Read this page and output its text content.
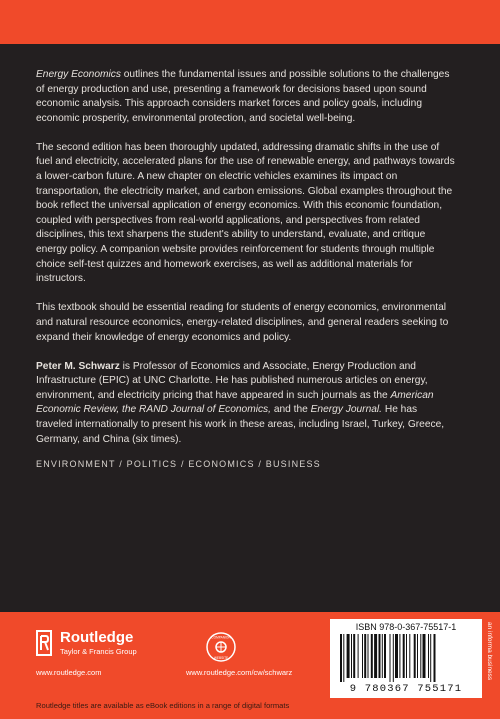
Energy Economics outlines the fundamental issues and possible solutions to the challenges of energy production and use, presenting a framework for decisions based upon sound economic analysis. This approach considers market forces and policy goals, including economic prosperity, environmental protection, and societal well-being.

The second edition has been thoroughly updated, addressing dramatic shifts in the use of fuel and electricity, accelerated plans for the use of renewable energy, and pathways towards a lower-carbon future. A new chapter on electric vehicles examines its impact on transportation, the electricity market, and carbon emissions. Global examples throughout the book reflect the universal application of energy economics. With this economic foundation, coupled with perspectives from real-world applications, and perspectives from related disciplines, this text sharpens the student's ability to understand, evaluate, and critique energy policy. A companion website provides reinforcement for students through multiple choice self-test quizzes and homework exercises, as well as additional materials for instructors.

This textbook should be essential reading for students of energy economics, environmental and natural resource economics, energy-related disciplines, and general readers seeking to expand their knowledge of energy economics and policy.

Peter M. Schwarz is Professor of Economics and Associate, Energy Production and Infrastructure (EPIC) at UNC Charlotte. He has published numerous articles on energy, environment, and electricity pricing that have appeared in such journals as the American Economic Review, the RAND Journal of Economics, and the Energy Journal. He has traveled internationally to present his work in these areas, including Israel, Turkey, Greece, Germany, and China (six times).

ENVIRONMENT / POLITICS / ECONOMICS / BUSINESS
Routledge
Taylor & Francis Group
www.routledge.com
COMPANION
WEBSITE
www.routledge.com/cw/schwarz
Routledge titles are available as eBook editions in a range of digital formats
ISBN 978-0-367-75517-1
9 780367 755171
an informa business
